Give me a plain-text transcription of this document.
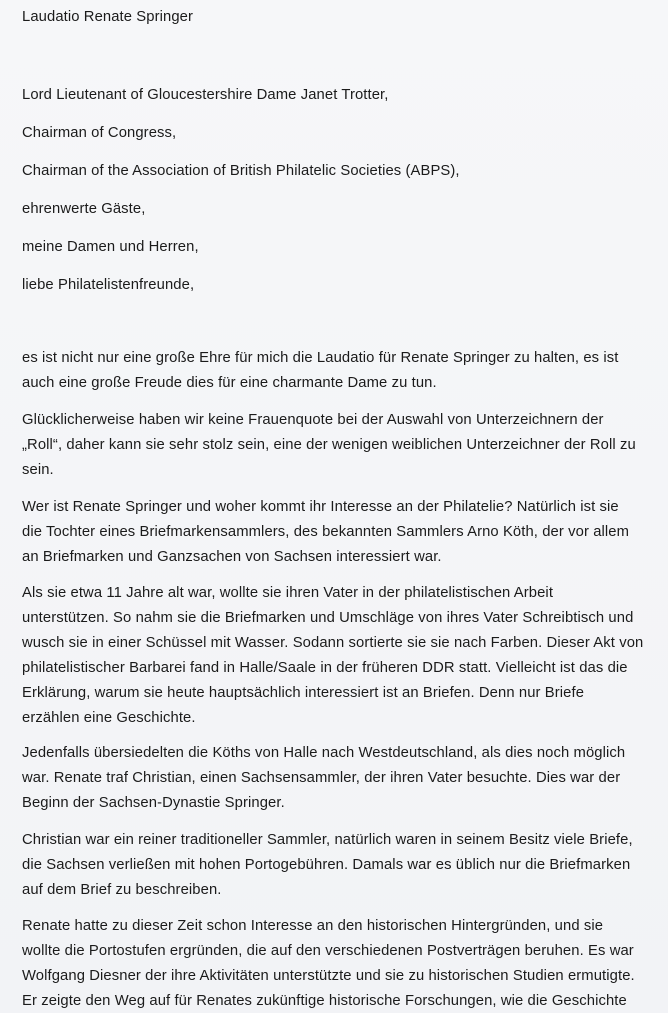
Laudatio Renate Springer
Lord Lieutenant of Gloucestershire Dame Janet Trotter,
Chairman of Congress,
Chairman of the Association of British Philatelic Societies (ABPS),
ehrenwerte Gäste,
meine Damen und Herren,
liebe Philatelistenfreunde,
es ist nicht nur eine große Ehre für mich die Laudatio für Renate Springer zu halten, es ist
auch eine große Freude dies für eine charmante Dame zu tun.
Glücklicherweise haben wir keine Frauenquote bei der Auswahl von Unterzeichnern der
„Roll“, daher kann sie sehr stolz sein, eine der wenigen weiblichen Unterzeichner der Roll zu
sein.
Wer ist Renate Springer und woher kommt ihr Interesse an der Philatelie? Natürlich ist sie
die Tochter eines Briefmarkensammlers, des bekannten Sammlers Arno Köth, der vor allem
an Briefmarken und Ganzsachen von Sachsen interessiert war.
Als sie etwa 11 Jahre alt war, wollte sie ihren Vater in der philatelistischen Arbeit
unterstützen. So nahm sie die Briefmarken und Umschläge von ihres Vater Schreibtisch und
wusch sie in einer Schüssel mit Wasser. Sodann sortierte sie sie nach Farben. Dieser Akt von
philatelistischer Barbarei fand in Halle/Saale in der früheren DDR statt. Vielleicht ist das die
Erklärung, warum sie heute hauptsächlich interessiert ist an Briefen. Denn nur Briefe
erzählen eine Geschichte.
Jedenfalls übersiedelten die Köths von Halle nach Westdeutschland, als dies noch möglich
war. Renate traf Christian, einen Sachsensammler, der ihren Vater besuchte. Dies war der
Beginn der Sachsen-Dynastie Springer.
Christian war ein reiner traditioneller Sammler, natürlich waren in seinem Besitz viele Briefe,
die Sachsen verließen mit hohen Portogebühren. Damals war es üblich nur die Briefmarken
auf dem Brief zu beschreiben.
Renate hatte zu dieser Zeit schon Interesse an den historischen Hintergründen, und sie
wollte die Portostufen ergründen, die auf den verschiedenen Postverträgen beruhen. Es war
Wolfgang Diesner der ihre Aktivitäten unterstützte und sie zu historischen Studien ermutigte.
Er zeigte den Weg auf für Renates zukünftige historische Forschungen, wie die Geschichte
